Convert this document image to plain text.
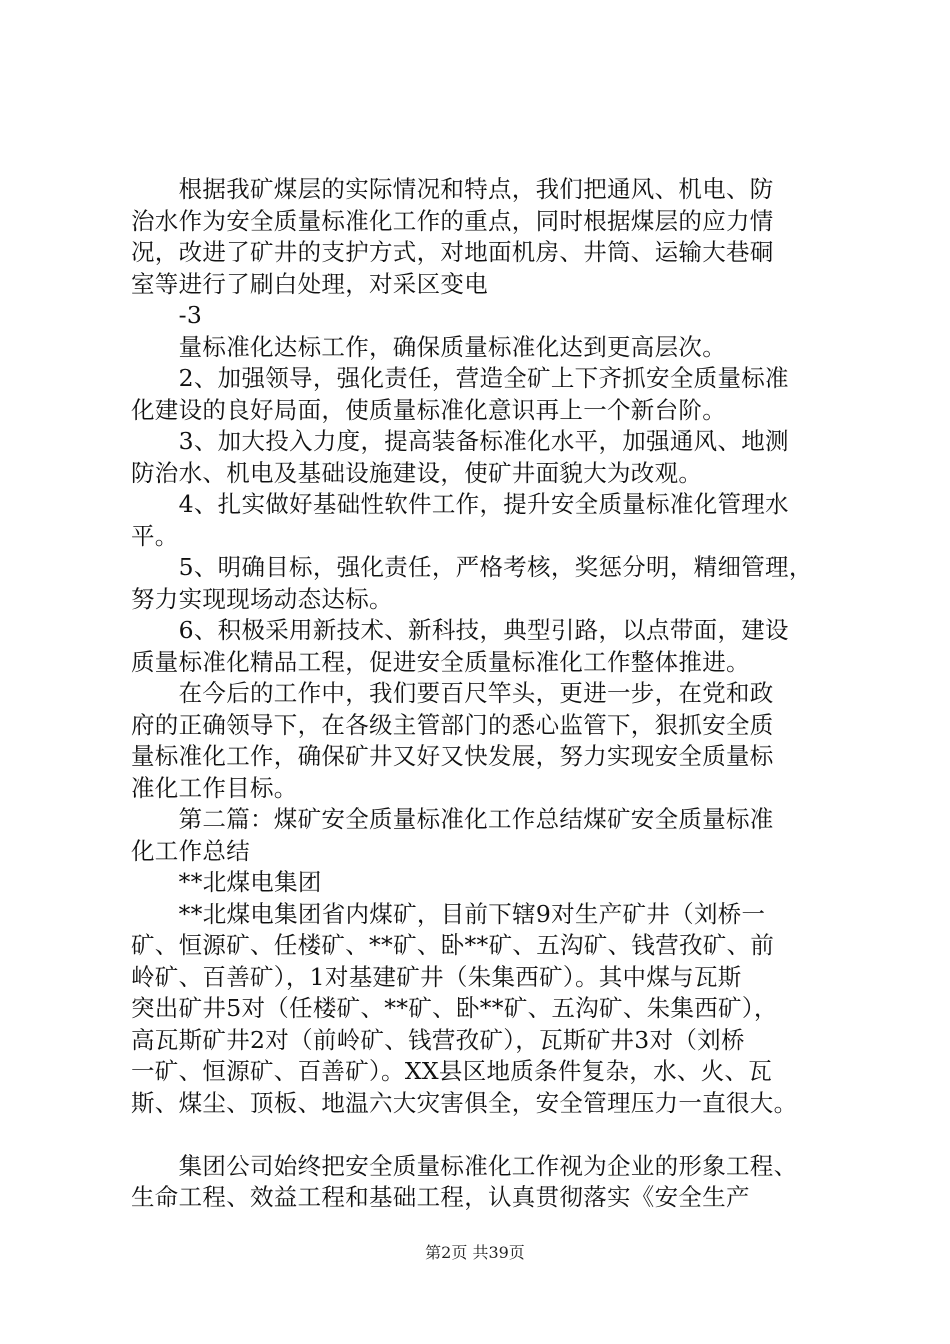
　　根据我矿煤层的实际情况和特点，我们把通风、机电、防
治水作为安全质量标准化工作的重点，同时根据煤层的应力情
况，改进了矿井的支护方式，对地面机房、井筒、运输大巷硐
室等进行了刷白处理，对采区变电
　　-3
　　量标准化达标工作，确保质量标准化达到更高层次。
　　2、加强领导，强化责任，营造全矿上下齐抓安全质量标准
化建设的良好局面，使质量标准化意识再上一个新台阶。
　　3、加大投入力度，提高装备标准化水平，加强通风、地测
防治水、机电及基础设施建设，使矿井面貌大为改观。
　　4、扎实做好基础性软件工作，提升安全质量标准化管理水
平。
　　5、明确目标，强化责任，严格考核，奖惩分明，精细管理，
努力实现现场动态达标。
　　6、积极采用新技术、新科技，典型引路，以点带面，建设
质量标准化精品工程，促进安全质量标准化工作整体推进。
　　在今后的工作中，我们要百尺竿头，更进一步，在党和政
府的正确领导下，在各级主管部门的悉心监管下，狠抓安全质
量标准化工作，确保矿井又好又快发展，努力实现安全质量标
准化工作目标。
　　第二篇：煤矿安全质量标准化工作总结煤矿安全质量标准
化工作总结
　　**北煤电集团
　　**北煤电集团省内煤矿，目前下辖9对生产矿井（刘桥一
矿、恒源矿、任楼矿、**矿、卧**矿、五沟矿、钱营孜矿、前
岭矿、百善矿），1对基建矿井（朱集西矿）。其中煤与瓦斯
突出矿井5对（任楼矿、**矿、卧**矿、五沟矿、朱集西矿），
高瓦斯矿井2对（前岭矿、钱营孜矿），瓦斯矿井3对（刘桥
一矿、恒源矿、百善矿）。XX县区地质条件复杂，水、火、瓦
斯、煤尘、顶板、地温六大灾害俱全，安全管理压力一直很大。
　　集团公司始终把安全质量标准化工作视为企业的形象工程、
生命工程、效益工程和基础工程，认真贯彻落实《安全生产
第2页 共39页
